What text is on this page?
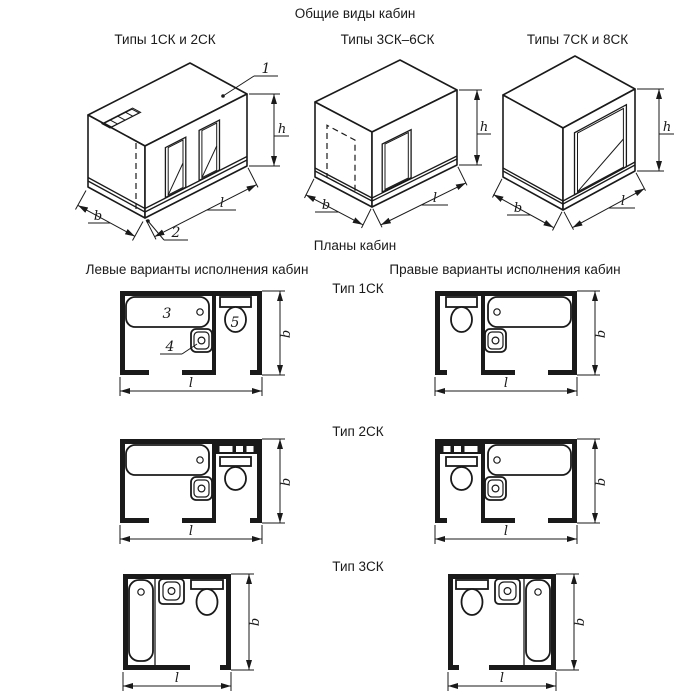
Общие виды кабин
Типы 1СК и 2СК	Типы 3СК–6СК	Типы 7СК и 8СК
1
2
h
b
l
h
b	l
h
b	l
Планы кабин
Левые варианты исполнения кабин	Правые варианты исполнения кабин
Тип 1СК
Тип 2СК
Тип 3СК
3
4
5
b
l
b
l
b
l
b
l
b
l
b
l
